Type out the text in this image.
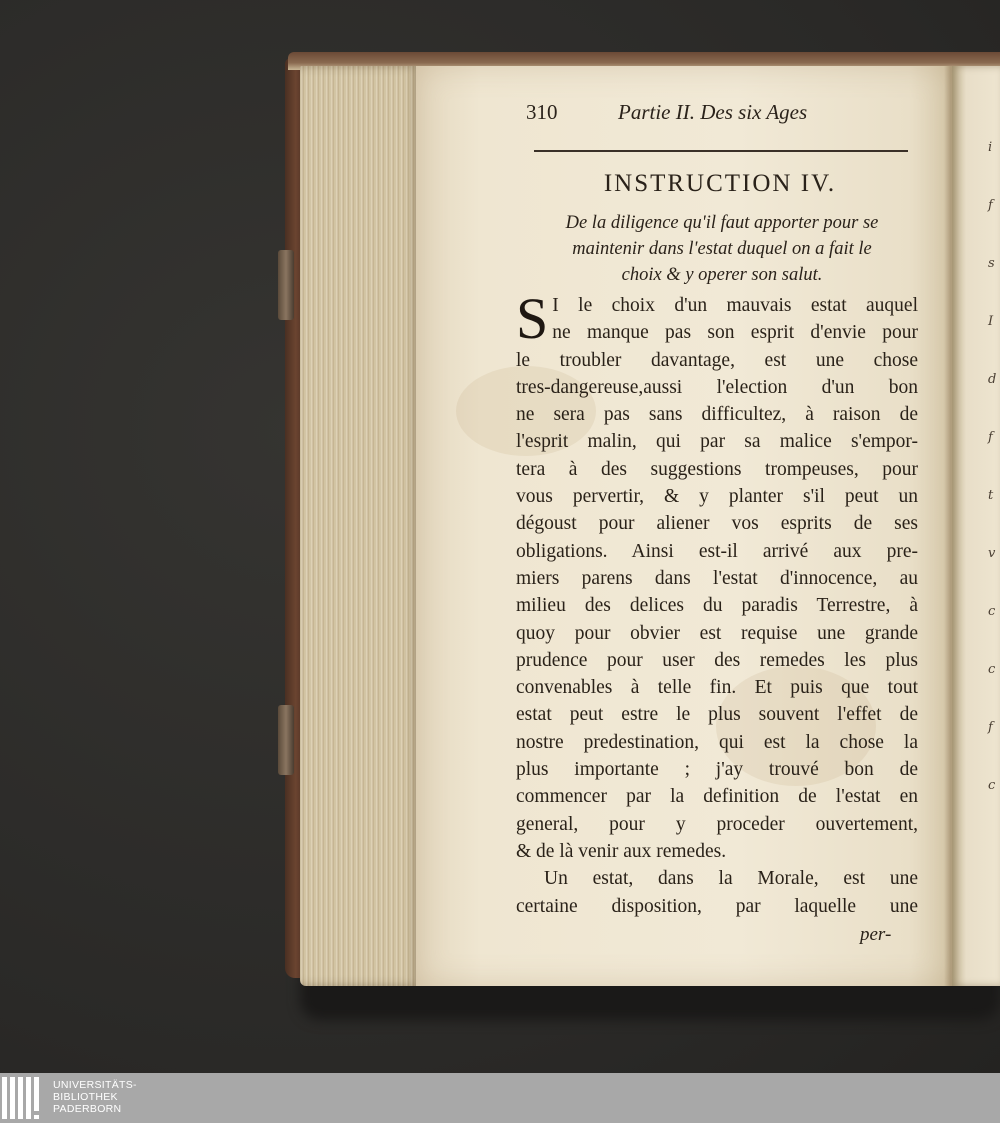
i
f
s
I
d
f
t
v
c
c
f
c
310	Partie II. Des six Ages
INSTRUCTION IV.
De la diligence qu'il faut apporter pour se
maintenir dans l'estat duquel on a fait le
choix & y operer son salut.
S I le choix d'un mauvais estat auquel
ne manque pas son esprit d'envie pour
le troubler davantage, est une chose
tres-dangereuse,aussi l'election d'un bon
ne sera pas sans difficultez, à raison de
l'esprit malin, qui par sa malice s'empor-
tera à des suggestions trompeuses, pour
vous pervertir, & y planter s'il peut un
dégoust pour aliener vos esprits de ses
obligations. Ainsi est-il arrivé aux pre-
miers parens dans l'estat d'innocence, au
milieu des delices du paradis Terrestre, à
quoy pour obvier est requise une grande
prudence pour user des remedes les plus
convenables à telle fin. Et puis que tout
estat peut estre le plus souvent l'effet de
nostre predestination, qui est la chose la
plus importante ; j'ay trouvé bon de
commencer par la definition de l'estat en
general, pour y proceder ouvertement,
& de là venir aux remedes.
Un estat, dans la Morale, est une
certaine disposition, par laquelle une
per-
UNIVERSITÄTS-
BIBLIOTHEK
PADERBORN
